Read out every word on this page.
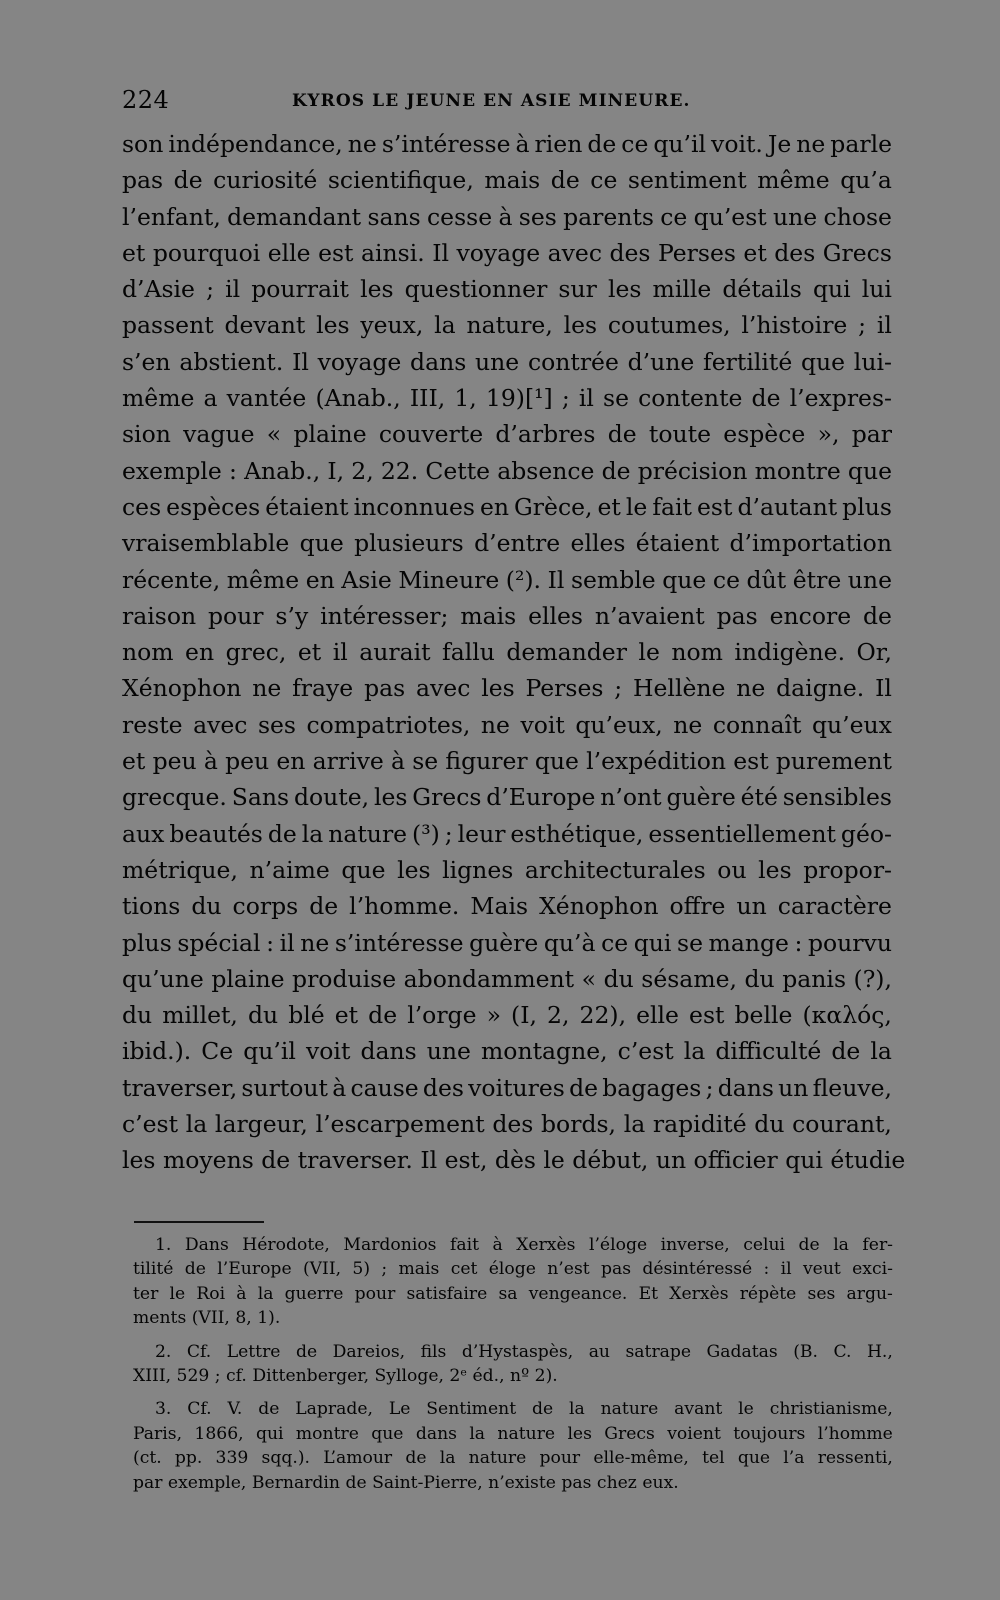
224	KYROS LE JEUNE EN ASIE MINEURE.
son indépendance, ne s’intéresse à rien de ce qu’il voit. Je ne parle
pas de curiosité scientifique, mais de ce sentiment même qu’a
l’enfant, demandant sans cesse à ses parents ce qu’est une chose
et pourquoi elle est ainsi. Il voyage avec des Perses et des Grecs
d’Asie ; il pourrait les questionner sur les mille détails qui lui
passent devant les yeux, la nature, les coutumes, l’histoire ; il
s’en abstient. Il voyage dans une contrée d’une fertilité que lui-
même a vantée (Anab., III, 1, 19)[¹] ; il se contente de l’expres-
sion vague « plaine couverte d’arbres de toute espèce », par
exemple : Anab., I, 2, 22. Cette absence de précision montre que
ces espèces étaient inconnues en Grèce, et le fait est d’autant plus
vraisemblable que plusieurs d’entre elles étaient d’importation
récente, même en Asie Mineure (²). Il semble que ce dût être une
raison pour s’y intéresser; mais elles n’avaient pas encore de
nom en grec, et il aurait fallu demander le nom indigène. Or,
Xénophon ne fraye pas avec les Perses ; Hellène ne daigne. Il
reste avec ses compatriotes, ne voit qu’eux, ne connaît qu’eux
et peu à peu en arrive à se figurer que l’expédition est purement
grecque. Sans doute, les Grecs d’Europe n’ont guère été sensibles
aux beautés de la nature (³) ; leur esthétique, essentiellement géo-
métrique, n’aime que les lignes architecturales ou les propor-
tions du corps de l’homme. Mais Xénophon offre un caractère
plus spécial : il ne s’intéresse guère qu’à ce qui se mange : pourvu
qu’une plaine produise abondamment « du sésame, du panis (?),
du millet, du blé et de l’orge » (I, 2, 22), elle est belle (καλός,
ibid.). Ce qu’il voit dans une montagne, c’est la difficulté de la
traverser, surtout à cause des voitures de bagages ; dans un fleuve,
c’est la largeur, l’escarpement des bords, la rapidité du courant,
les moyens de traverser. Il est, dès le début, un officier qui étudie
1. Dans Hérodote, Mardonios fait à Xerxès l’éloge inverse, celui de la fer-
tilité de l’Europe (VII, 5) ; mais cet éloge n’est pas désintéressé : il veut exci-
ter le Roi à la guerre pour satisfaire sa vengeance. Et Xerxès répète ses argu-
ments (VII, 8, 1).
2. Cf. Lettre de Dareios, fils d’Hystaspès, au satrape Gadatas (B. C. H.,
XIII, 529 ; cf. Dittenberger, Sylloge, 2ᵉ éd., nº 2).
3. Cf. V. de Laprade, Le Sentiment de la nature avant le christianisme,
Paris, 1866, qui montre que dans la nature les Grecs voient toujours l’homme
(ct. pp. 339 sqq.). L’amour de la nature pour elle-même, tel que l’a ressenti,
par exemple, Bernardin de Saint-Pierre, n’existe pas chez eux.
